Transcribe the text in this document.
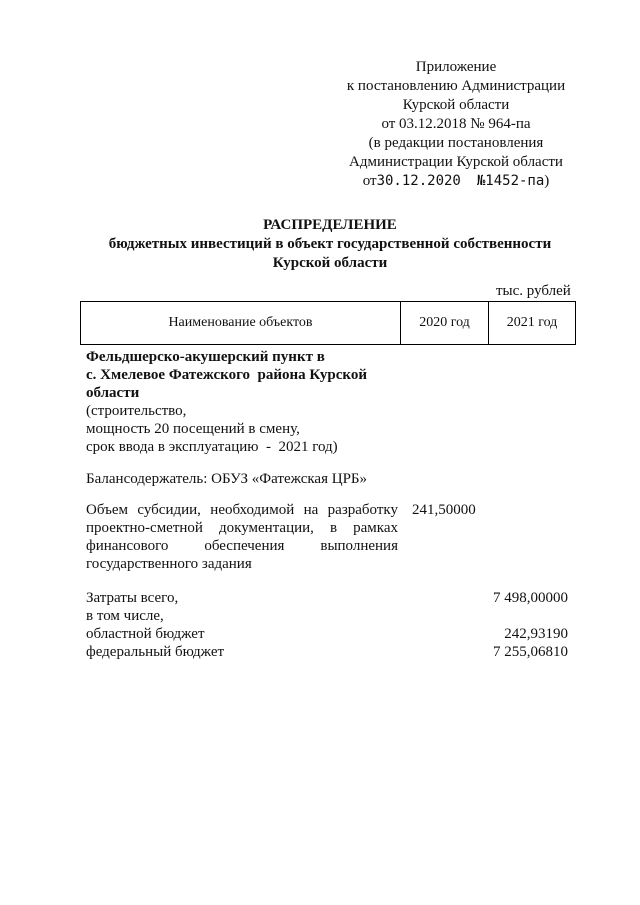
Приложение
к постановлению Администрации
Курской области
от 03.12.2018 № 964-па
(в редакции постановления
Администрации Курской области
от30.12.2020 №1452-па)
РАСПРЕДЕЛЕНИЕ
бюджетных инвестиций в объект государственной собственности
Курской области
тыс. рублей
Наименование объектов	2020 год	2021 год
Фельдшерско-акушерский пункт в
с. Хмелевое Фатежского  района Курской
области
(строительство,
мощность 20 посещений в смену,
срок ввода в эксплуатацию  -  2021 год)
Балансодержатель: ОБУЗ «Фатежская ЦРБ»
Объем субсидии, необходимой на разработку проектно-сметной документации, в рамках финансового обеспечения выполнения государственного задания
241,50000
Затраты всего,
в том числе,
областной бюджет
федеральный бюджет
7 498,00000

242,93190
7 255,06810
